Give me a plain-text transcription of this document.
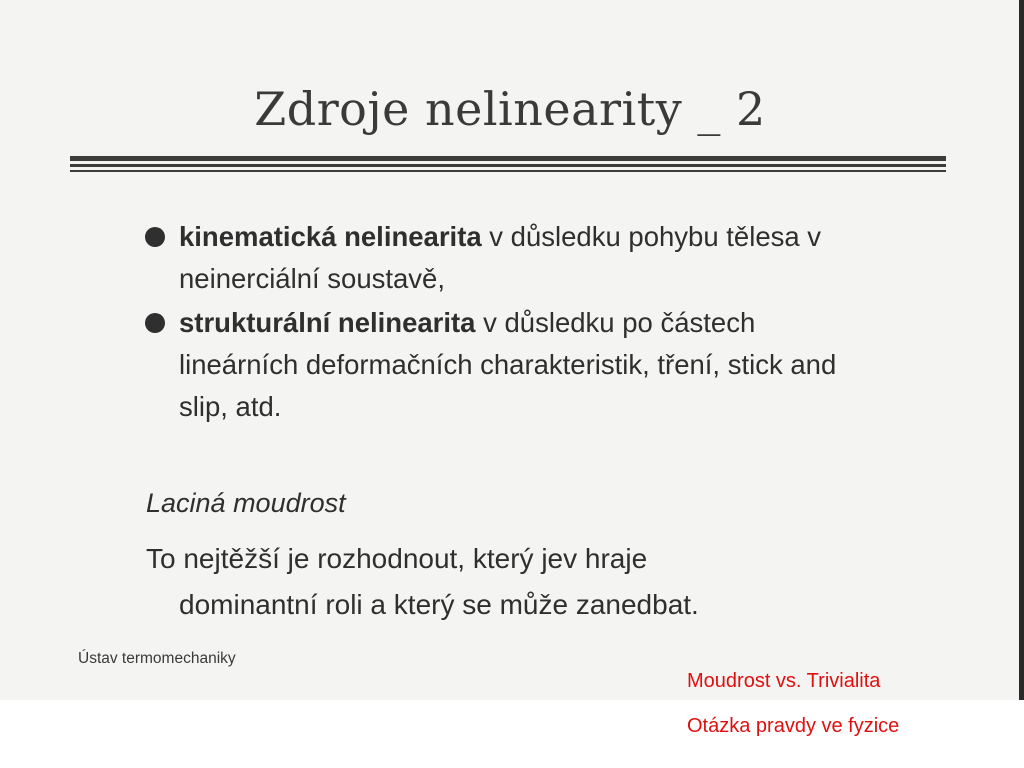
Zdroje nelinearity _ 2
kinematická nelinearita v důsledku pohybu tělesa v neinerciální soustavě,
strukturální nelinearita v důsledku po částech lineárních deformačních charakteristik, tření, stick and slip, atd.
Laciná moudrost
To nejtěžší je rozhodnout, který jev hraje
dominantní roli a který se může zanedbat.
Ústav termomechaniky
Moudrost vs. Trivialita
Otázka pravdy ve fyzice
